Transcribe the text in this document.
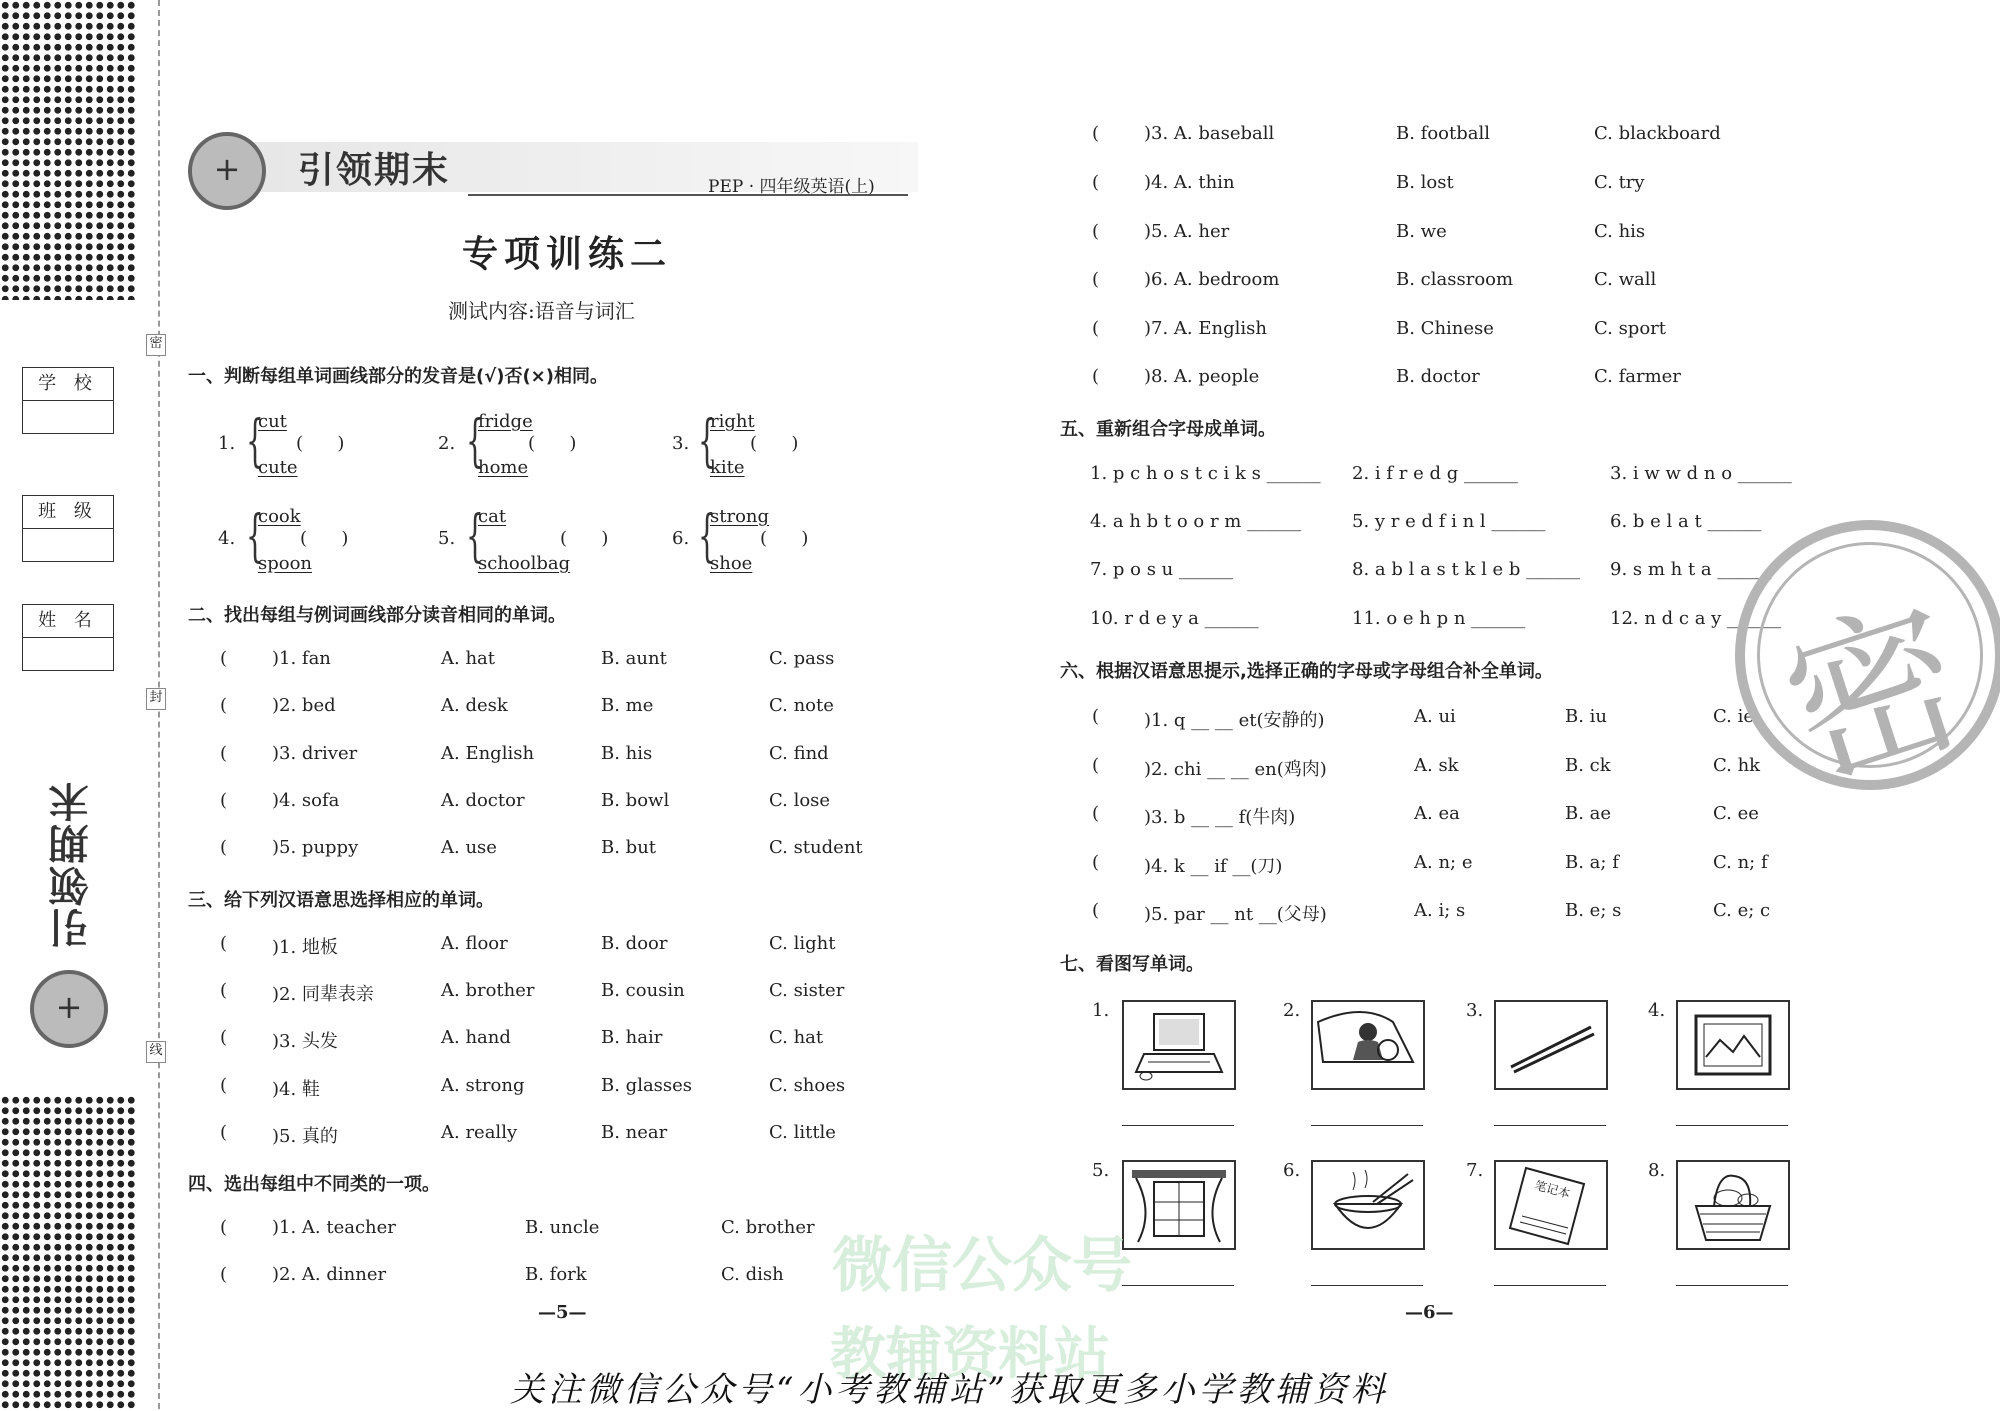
密
封
线
学 校
班 级
姓 名
引领期末
+
+
引领期末	PEP · 四年级英语(上)
专项训练二
测试内容:语音与词汇
一、判断每组单词画线部分的发音是(√)否(×)相同。
1. {
cut
cute
(      )	2. {
fridge
home
(      )	3. {
right
kite
(      )
4. {
cook
spoon
(      )	5. {
cat
schoolbag
(      )	6. {
strong
shoe
(      )
二、找出每组与例词画线部分读音相同的单词。
( )1. fan	A. hat	B. aunt	C. pass
( )2. bed	A. desk	B. me	C. note
( )3. driver	A. English	B. his	C. find
( )4. sofa	A. doctor	B. bowl	C. lose
( )5. puppy	A. use	B. but	C. student
三、给下列汉语意思选择相应的单词。
( )1. 地板	A. floor	B. door	C. light
( )2. 同辈表亲	A. brother	B. cousin	C. sister
( )3. 头发	A. hand	B. hair	C. hat
( )4. 鞋	A. strong	B. glasses	C. shoes
( )5. 真的	A. really	B. near	C. little
四、选出每组中不同类的一项。
( )1. A. teacher	B. uncle	C. brother
( )2. A. dinner	B. fork	C. dish
—5—
( )3. A. baseball	B. football	C. blackboard
( )4. A. thin	B. lost	C. try
( )5. A. her	B. we	C. his
( )6. A. bedroom	B. classroom	C. wall
( )7. A. English	B. Chinese	C. sport
( )8. A. people	B. doctor	C. farmer
五、重新组合字母成单词。
1. p c h o s t c i k s ______ 2. i f r e d g ______	3. i w w d n o ______
4. a h b t o o r m ______	5. y r e d f i n l ______	6. b e l a t ______
7. p o s u ______	8. a b l a s t k l e b ______ 9. s m h t a ______
10. r d e y a ______	11. o e h p n ______	12. n d c a y ______
六、根据汉语意思提示,选择正确的字母或字母组合补全单词。
( )1. q __ __ et(安静的)	A. ui	B. iu	C. ie
( )2. chi __ __ en(鸡肉)	A. sk	B. ck	C. hk
( )3. b __ __ f(牛肉)	A. ea	B. ae	C. ee
( )4. k __ if __(刀)	A. n; e	B. a; f	C. n; f
( )5. par __ nt __(父母)	A. i; s	B. e; s	C. e; c
七、看图写单词。
1.	2.	3.	4.
5.	6.	7.
笔记本
8.
—6—
微信公众号
教辅资料站
密
关注微信公众号“小考教辅站”获取更多小学教辅资料
